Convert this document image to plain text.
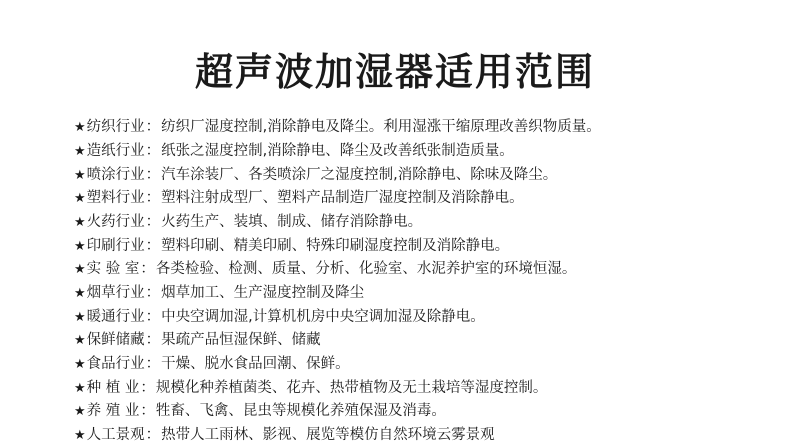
超声波加湿器适用范围
★ 纺织行业 ： 纺织厂湿度控制,消除静电及降尘。利用湿涨干缩原理改善织物质量。
★ 造纸行业 ： 纸张之湿度控制,消除静电、降尘及改善纸张制造质量。
★ 喷涂行业 ： 汽车涂装厂、各类喷涂厂之湿度控制,消除静电、除味及降尘。
★ 塑料行业 ： 塑料注射成型厂、塑料产品制造厂湿度控制及消除静电。
★ 火药行业 ： 火药生产、装填、制成、储存消除静电。
★ 印刷行业 ： 塑料印刷、精美印刷、特殊印刷湿度控制及消除静电。
★ 实 验 室 ： 各类检验、检测、质量、分析、化验室、水泥养护室的环境恒湿。
★ 烟草行业 ： 烟草加工、生产湿度控制及降尘
★ 暖通行业 ： 中央空调加湿,计算机机房中央空调加湿及除静电。
★ 保鲜储藏 ： 果疏产品恒湿保鲜、储藏
★ 食品行业 ： 干燥、脱水食品回潮、保鲜。
★ 种 植 业 ： 规模化种养植菌类、花卉、热带植物及无土栽培等湿度控制。
★ 养 殖 业 ： 牲畜、飞禽、昆虫等规模化养殖保湿及消毒。
★ 人工景观 ： 热带人工雨林、影视、展览等模仿自然环境云雾景观
